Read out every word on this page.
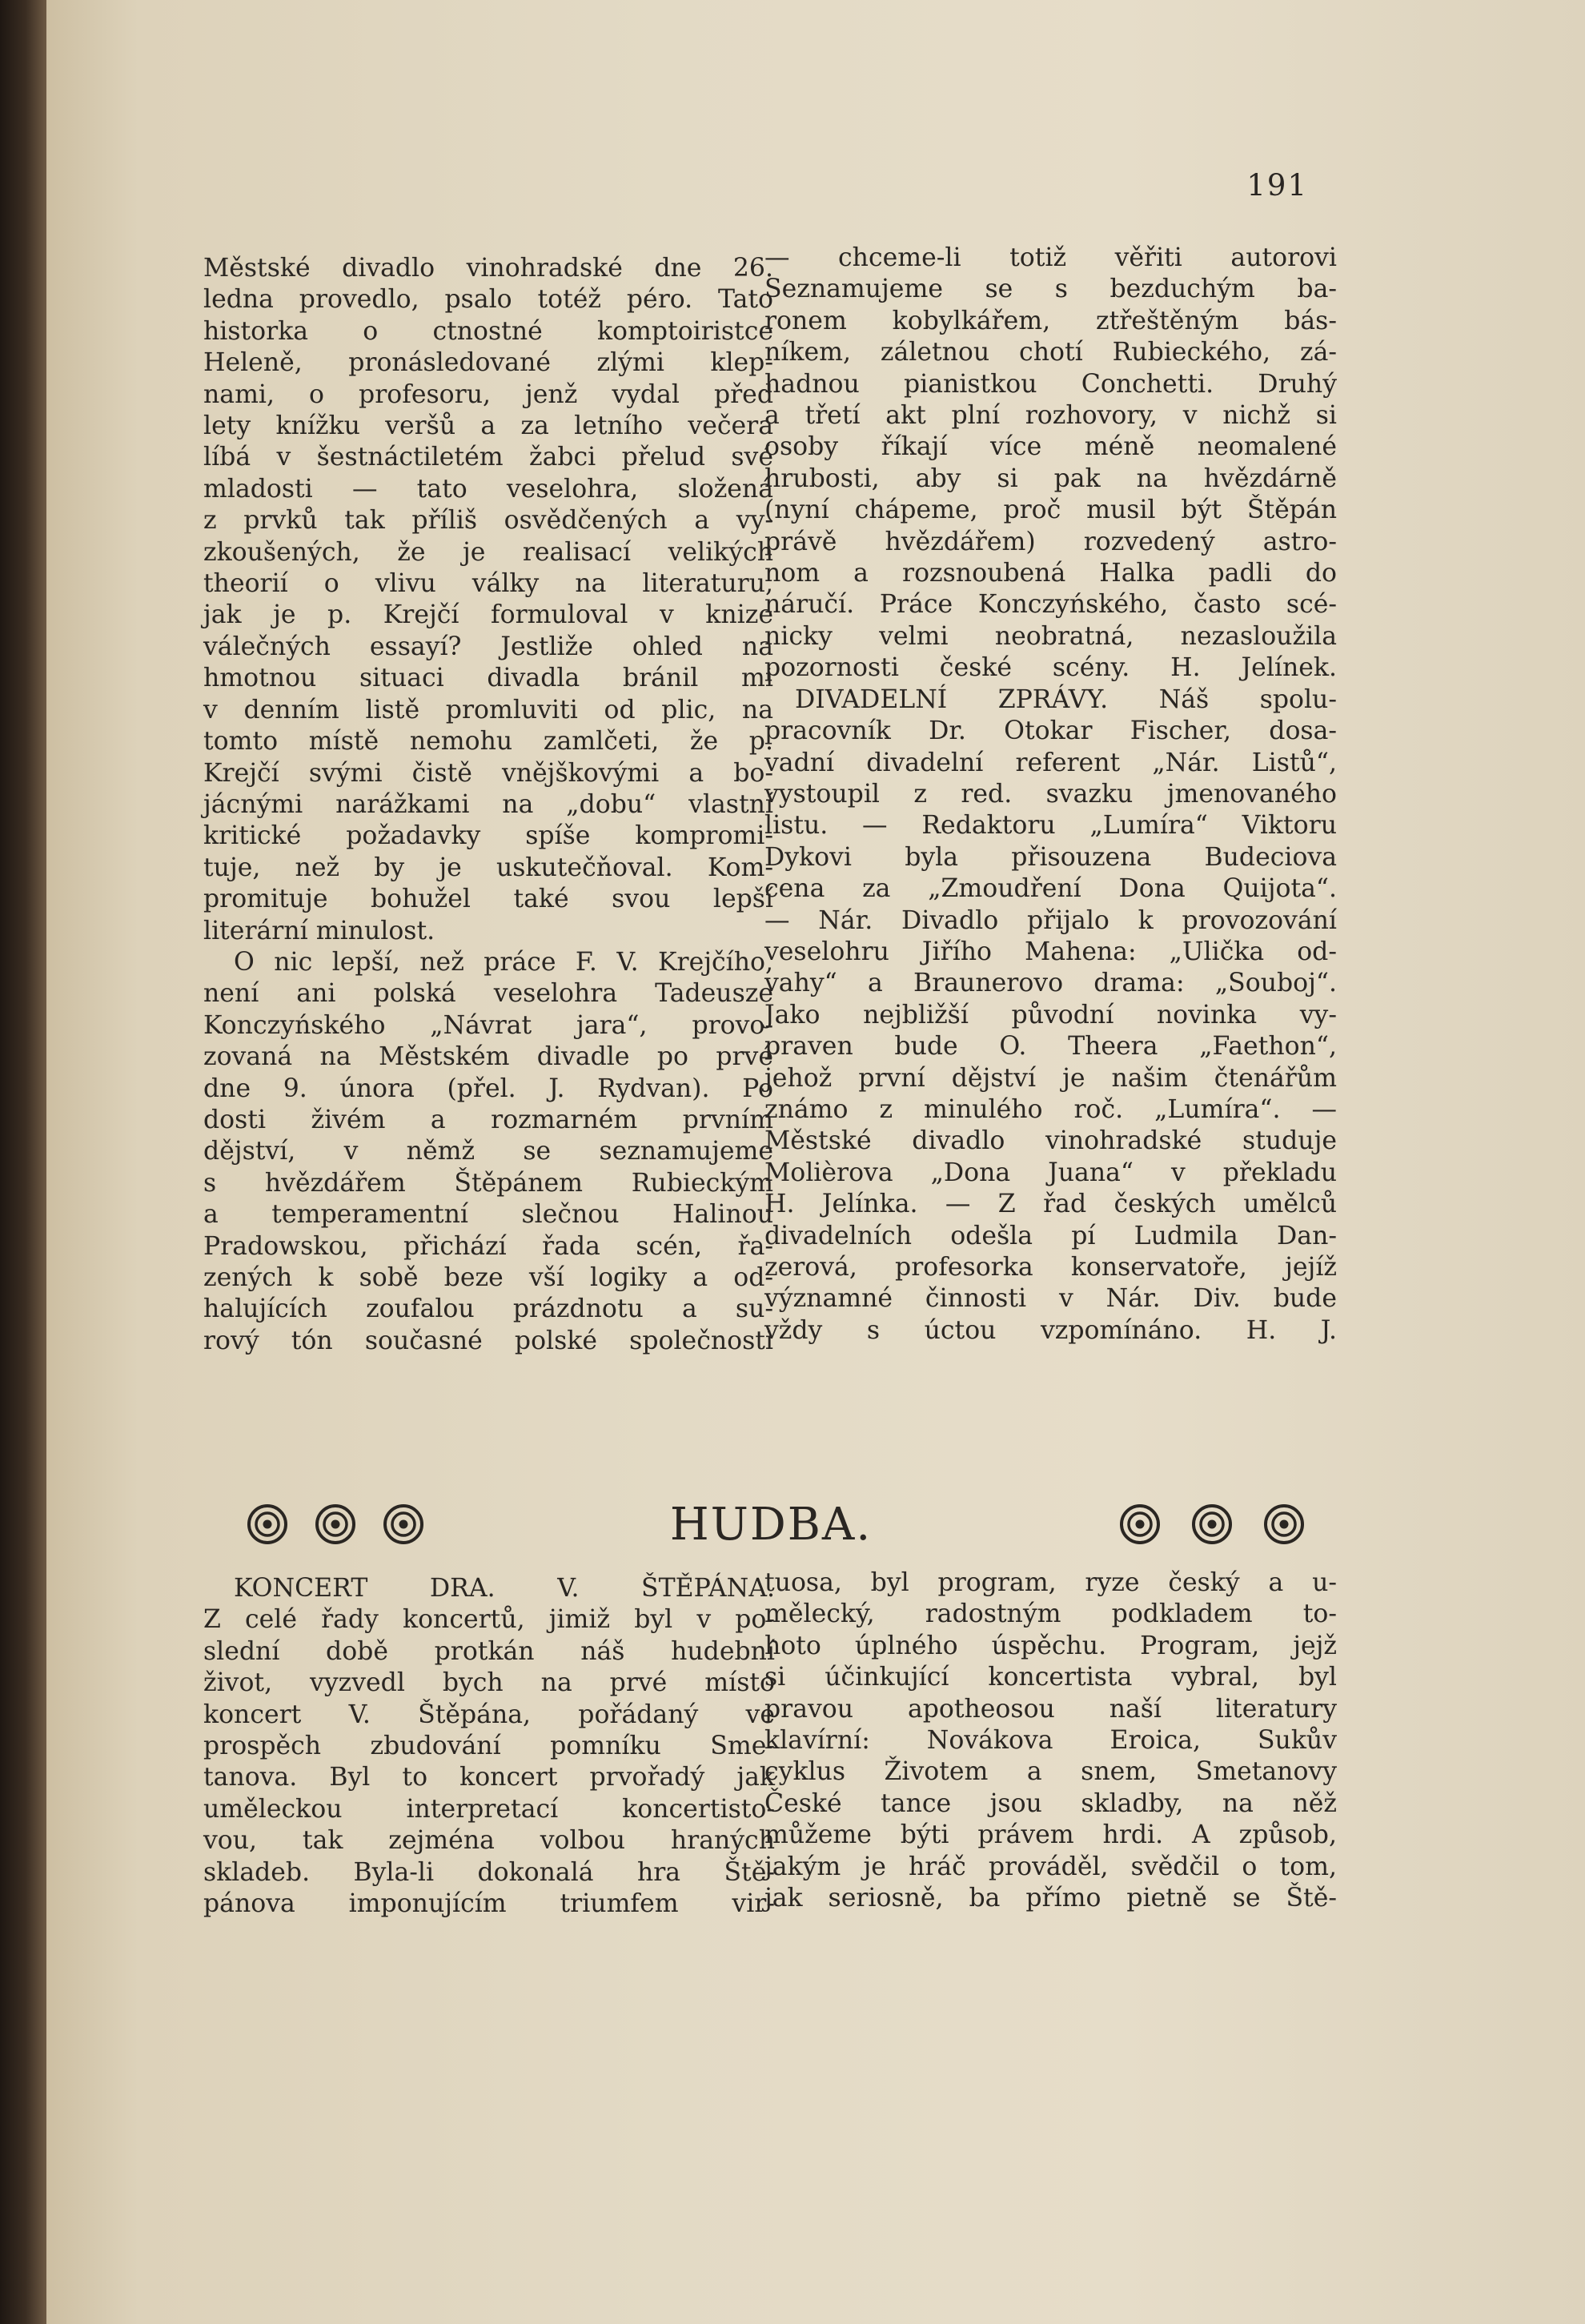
191
Městské divadlo vinohradské dne 26.
ledna provedlo, psalo totéž péro. Tato
historka o ctnostné komptoiristce
Heleně, pronásledované zlými klep-
nami, o profesoru, jenž vydal před
lety knížku veršů a za letního večera
líbá v šestnáctiletém žabci přelud své
mladosti — tato veselohra, složená
z prvků tak příliš osvědčených a vy-
zkoušených, že je realisací velikých
theorií o vlivu války na literaturu,
jak je p. Krejčí formuloval v knize
válečných essayí? Jestliže ohled na
hmotnou situaci divadla bránil mi
v denním listě promluviti od plic, na
tomto místě nemohu zamlčeti, že p.
Krejčí svými čistě vnějškovými a bo-
jácnými narážkami na „dobu“ vlastní
kritické požadavky spíše kompromi-
tuje, než by je uskutečňoval. Kom-
promituje bohužel také svou lepší
literární minulost.
O nic lepší, než práce F. V. Krejčího,
není ani polská veselohra Tadeusze
Konczyńského „Návrat jara“, provo-
zovaná na Městském divadle po prvé
dne 9. února (přel. J. Rydvan). Po
dosti živém a rozmarném prvním
dějství, v němž se seznamujeme
s hvězdářem Štěpánem Rubieckým
a temperamentní slečnou Halinou
Pradowskou, přichází řada scén, řa-
zených k sobě beze vší logiky a od-
halujících zoufalou prázdnotu a su-
rový tón současné polské společnosti
— chceme-li totiž věřiti autorovi
Seznamujeme se s bezduchým ba-
ronem kobylkářem, ztřeštěným bás-
níkem, záletnou chotí Rubieckého, zá-
hadnou pianistkou Conchetti. Druhý
a třetí akt plní rozhovory, v nichž si
osoby říkají více méně neomalené
hrubosti, aby si pak na hvězdárně
(nyní chápeme, proč musil být Štěpán
právě hvězdářem) rozvedený astro-
nom a rozsnoubená Halka padli do
náručí. Práce Konczyńského, často scé-
nicky velmi neobratná, nezasloužila
pozornosti české scény. H. Jelínek.
DIVADELNÍ ZPRÁVY. Náš spolu-
pracovník Dr. Otokar Fischer, dosa-
vadní divadelní referent „Nár. Listů“,
vystoupil z red. svazku jmenovaného
listu. — Redaktoru „Lumíra“ Viktoru
Dykovi byla přisouzena Budeciova
cena za „Zmoudření Dona Quijota“.
— Nár. Divadlo přijalo k provozování
veselohru Jiřího Mahena: „Ulička od-
vahy“ a Braunerovo drama: „Souboj“.
Jako nejbližší původní novinka vy-
praven bude O. Theera „Faethon“,
jehož první dějství je našim čtenářům
známo z minulého roč. „Lumíra“. —
Městské divadlo vinohradské studuje
Molièrova „Dona Juana“ v překladu
H. Jelínka. — Z řad českých umělců
divadelních odešla pí Ludmila Dan-
zerová, profesorka konservatoře, jejíž
významné činnosti v Nár. Div. bude
vždy s úctou vzpomínáno. H. J.
HUDBA.
KONCERT DRA. V. ŠTĚPÁNA.
Z celé řady koncertů, jimiž byl v po-
slední době protkán náš hudební
život, vyzvedl bych na prvé místo
koncert V. Štěpána, pořádaný ve
prospěch zbudování pomníku Sme-
tanova. Byl to koncert prvořadý jak
uměleckou interpretací koncertisto-
vou, tak zejména volbou hraných
skladeb. Byla-li dokonalá hra Ště-
pánova imponujícím triumfem vir-
tuosa, byl program, ryze český a u-
mělecký, radostným podkladem to-
hoto úplného úspěchu. Program, jejž
si účinkující koncertista vybral, byl
pravou apotheosou naší literatury
klavírní: Novákova Eroica, Sukův
cyklus Životem a snem, Smetanovy
České tance jsou skladby, na něž
můžeme býti právem hrdi. A způsob,
jakým je hráč prováděl, svědčil o tom,
jak seriosně, ba přímo pietně se Ště-
